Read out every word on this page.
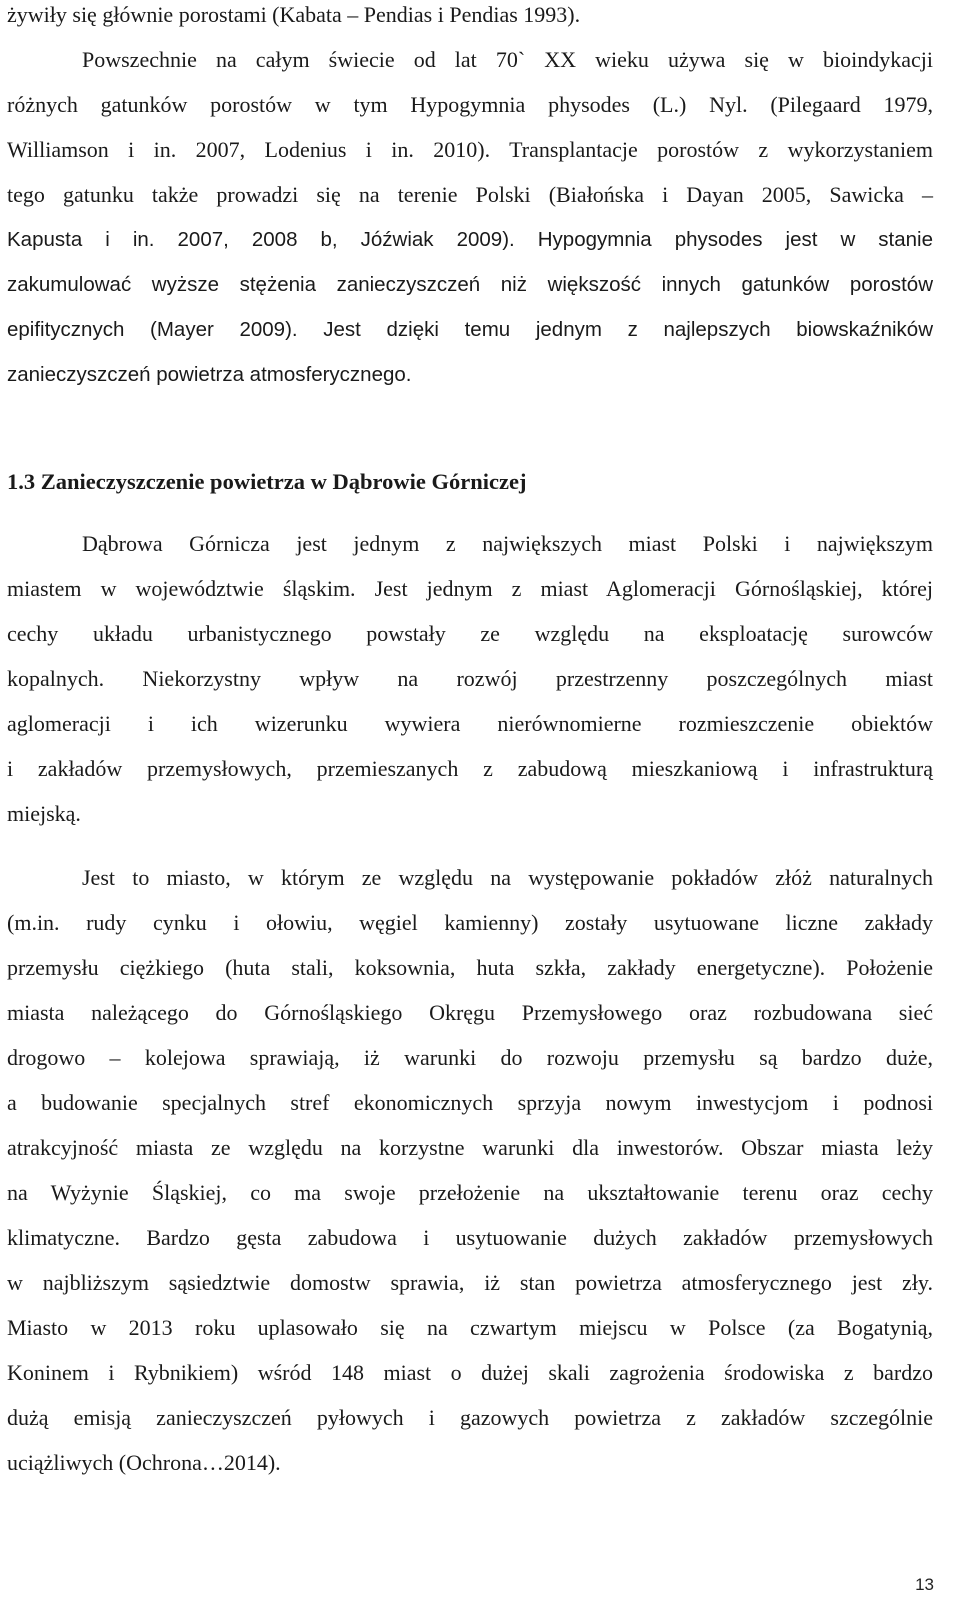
żywiły się głównie porostami (Kabata – Pendias i Pendias 1993).
Powszechnie na całym świecie od lat 70` XX wieku używa się w bioindykacji
różnych gatunków porostów w tym Hypogymnia physodes (L.) Nyl. (Pilegaard 1979,
Williamson i in. 2007, Lodenius i in. 2010). Transplantacje porostów z wykorzystaniem
tego gatunku także prowadzi się na terenie Polski (Białońska i Dayan 2005, Sawicka –
Kapusta i in. 2007, 2008 b, Jóźwiak 2009). Hypogymnia physodes jest w stanie
zakumulować wyższe stężenia zanieczyszczeń niż większość innych gatunków porostów
epifitycznych (Mayer 2009). Jest dzięki temu jednym z najlepszych biowskaźników
zanieczyszczeń powietrza atmosferycznego.
1.3 Zanieczyszczenie powietrza w Dąbrowie Górniczej
Dąbrowa Górnicza jest jednym z największych miast Polski i największym
miastem w województwie śląskim. Jest jednym z miast Aglomeracji Górnośląskiej, której
cechy układu urbanistycznego powstały ze względu na eksploatację surowców
kopalnych. Niekorzystny wpływ na rozwój przestrzenny poszczególnych miast
aglomeracji i ich wizerunku wywiera nierównomierne rozmieszczenie obiektów
i zakładów przemysłowych, przemieszanych z zabudową mieszkaniową i infrastrukturą
miejską.
Jest to miasto, w którym ze względu na występowanie pokładów złóż naturalnych
(m.in. rudy cynku i ołowiu, węgiel kamienny) zostały usytuowane liczne zakłady
przemysłu ciężkiego (huta stali, koksownia, huta szkła, zakłady energetyczne). Położenie
miasta należącego do Górnośląskiego Okręgu Przemysłowego oraz rozbudowana sieć
drogowo – kolejowa sprawiają, iż warunki do rozwoju przemysłu są bardzo duże,
a budowanie specjalnych stref ekonomicznych sprzyja nowym inwestycjom i podnosi
atrakcyjność miasta ze względu na korzystne warunki dla inwestorów. Obszar miasta leży
na Wyżynie Śląskiej, co ma swoje przełożenie na ukształtowanie terenu oraz cechy
klimatyczne. Bardzo gęsta zabudowa i usytuowanie dużych zakładów przemysłowych
w najbliższym sąsiedztwie domostw sprawia, iż stan powietrza atmosferycznego jest zły.
Miasto w 2013 roku uplasowało się na czwartym miejscu w Polsce (za Bogatynią,
Koninem i Rybnikiem) wśród 148 miast o dużej skali zagrożenia środowiska z bardzo
dużą emisją zanieczyszczeń pyłowych i gazowych powietrza z zakładów szczególnie
uciążliwych (Ochrona…2014).
13
